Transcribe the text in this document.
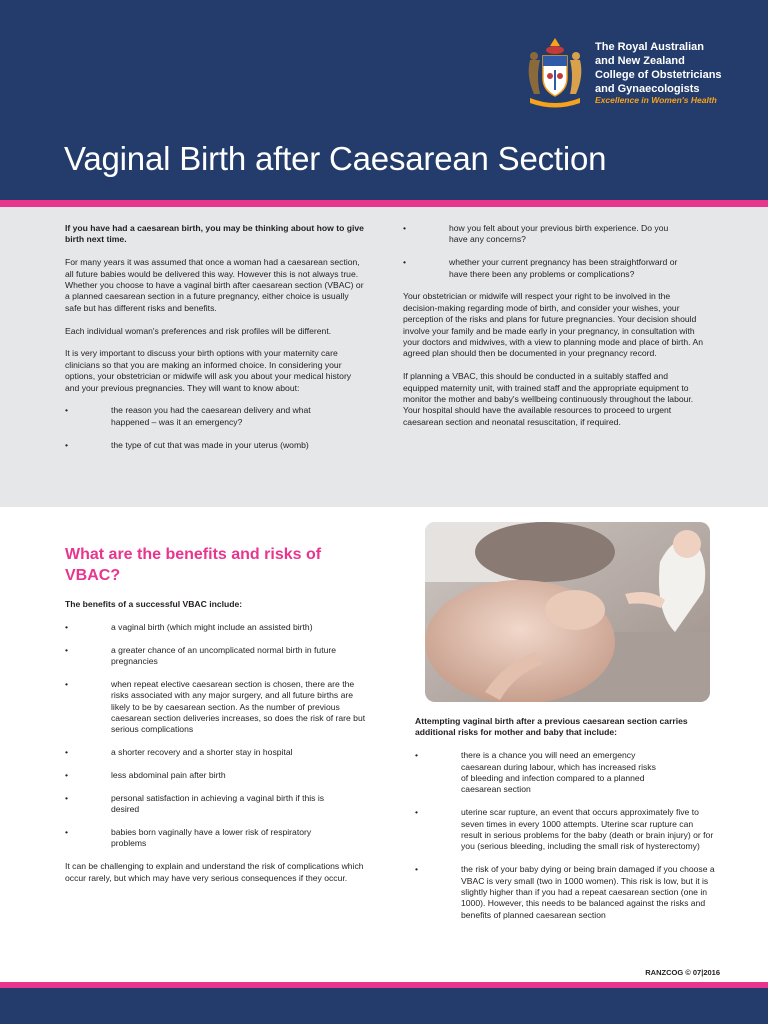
The Royal Australian
and New Zealand
College of Obstetricians
and Gynaecologists
Excellence in Women's Health
Vaginal Birth after Caesarean Section

If you have had a caesarean birth, you may be thinking about how to give birth next time.

For many years it was assumed that once a woman had a caesarean section, all future babies would be delivered this way. However this is not always true. Whether you choose to have a vaginal birth after caesarean section (VBAC) or a planned caesarean section in a future pregnancy, either choice is usually safe but has different risks and benefits.

Each individual woman's preferences and risk profiles will be different.

It is very important to discuss your birth options with your maternity care clinicians so that you are making an informed choice. In considering your options, your obstetrician or midwife will ask you about your medical history and your previous pregnancies. They will want to know about:

•	the reason you had the caesarean delivery and what happened – was it an emergency?
•	the type of cut that was made in your uterus (womb)
•	how you felt about your previous birth experience. Do you have any concerns?
•	whether your current pregnancy has been straightforward or have there been any problems or complications?

Your obstetrician or midwife will respect your right to be involved in the decision-making regarding mode of birth, and consider your wishes, your perception of the risks and plans for future pregnancies. Your decision should involve your family and be made early in your pregnancy, in consultation with your doctors and midwives, with a view to planning mode and place of birth. An agreed plan should then be documented in your pregnancy record.

If planning a VBAC, this should be conducted in a suitably staffed and equipped maternity unit, with trained staff and the appropriate equipment to monitor the mother and baby's wellbeing continuously throughout the labour. Your hospital should have the available resources to proceed to urgent caesarean section and neonatal resuscitation, if required.

What are the benefits and risks of VBAC?

The benefits of a successful VBAC include:

•	a vaginal birth (which might include an assisted birth)
•	a greater chance of an uncomplicated normal birth in future pregnancies
•	when repeat elective caesarean section is chosen, there are the risks associated with any major surgery, and all future births are likely to be by caesarean section. As the number of previous caesarean section deliveries increases, so does the risk of rare but serious complications
•	a shorter recovery and a shorter stay in hospital
•	less abdominal pain after birth
•	personal satisfaction in achieving a vaginal birth if this is desired
•	babies born vaginally have a lower risk of respiratory problems

It can be challenging to explain and understand the risk of complications which occur rarely, but which may have very serious consequences if they occur.

Attempting vaginal birth after a previous caesarean section carries additional risks for mother and baby that include:

•	there is a chance you will need an emergency caesarean during labour, which has increased risks of bleeding and infection compared to a planned caesarean section
•	uterine scar rupture, an event that occurs approximately five to seven times in every 1000 attempts. Uterine scar rupture can result in serious problems for the baby (death or brain injury) or for you (serious bleeding, including the small risk of hysterectomy)
•	the risk of your baby dying or being brain damaged if you choose a VBAC is very small (two in 1000 women). This risk is low, but it is slightly higher than if you had a repeat caesarean section (one in 1000). However, this needs to be balanced against the risks and benefits of planned caesarean section
RANZCOG © 07|2016
